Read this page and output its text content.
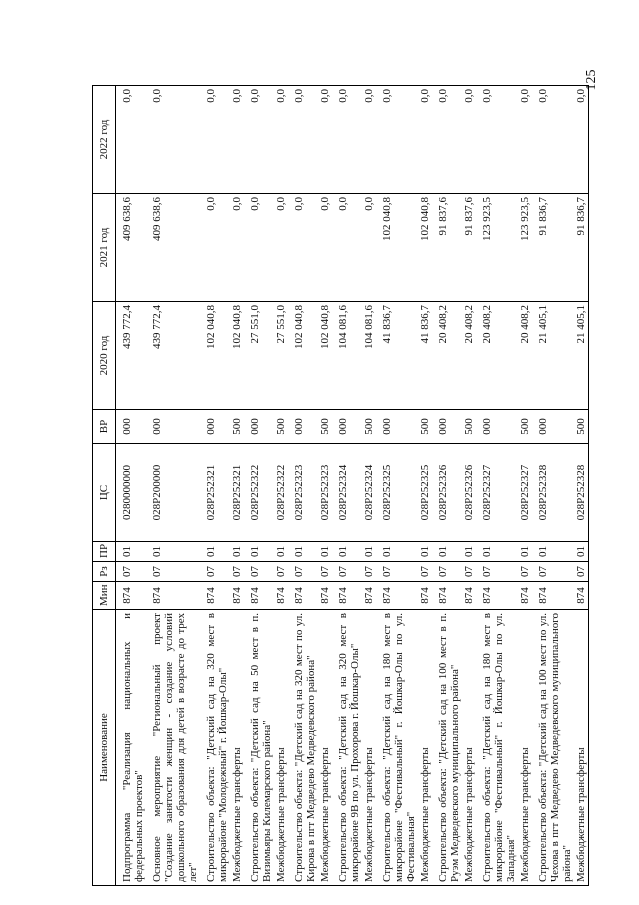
125
Наименование	Мин	Рз	ПР	ЦС	ВР	2020 год	2021 год	2022 год
Подпрограмма "Реализация национальных и федеральных проектов"	874	07	01	0280000000	000	439 772,4	409 638,6	0,0
Основное мероприятие "Региональный проект "Создание занятости женщин - создание условий дошкольного образования для детей в возрасте до трех лет"	874	07	01	028P200000	000	439 772,4	409 638,6	0,0
Строительство объекта: "Детский сад на 320 мест в микрорайоне "Молодежный" г. Йошкар-Олы"	874	07	01	028P252321	000	102 040,8	0,0	0,0
Межбюджетные трансферты	874	07	01	028P252321	500	102 040,8	0,0	0,0
Строительство объекта: "Детский сад на 50 мест в п. Визимьяры Килемарского района"	874	07	01	028P252322	000	27 551,0	0,0	0,0
Межбюджетные трансферты	874	07	01	028P252322	500	27 551,0	0,0	0,0
Строительство объекта: "Детский сад на 320 мест по ул. Кирова в пгт Медведево Медведевского района"	874	07	01	028P252323	000	102 040,8	0,0	0,0
Межбюджетные трансферты	874	07	01	028P252323	500	102 040,8	0,0	0,0
Строительство объекта: "Детский сад на 320 мест в микрорайоне 9В по ул. Прохорова г. Йошкар-Олы"	874	07	01	028P252324	000	104 081,6	0,0	0,0
Межбюджетные трансферты	874	07	01	028P252324	500	104 081,6	0,0	0,0
Строительство объекта: "Детский сад на 180 мест в микрорайоне "Фестивальный" г. Йошкар-Олы по ул. Фестивальная"	874	07	01	028P252325	000	41 836,7	102 040,8	0,0
Межбюджетные трансферты	874	07	01	028P252325	500	41 836,7	102 040,8	0,0
Строительство объекта: "Детский сад на 100 мест в п. Руэм Медведевского муниципального района"	874	07	01	028P252326	000	20 408,2	91 837,6	0,0
Межбюджетные трансферты	874	07	01	028P252326	500	20 408,2	91 837,6	0,0
Строительство объекта: "Детский сад на 180 мест в микрорайоне "Фестивальный" г. Йошкар-Олы по ул. Западная"	874	07	01	028P252327	000	20 408,2	123 923,5	0,0
Межбюджетные трансферты	874	07	01	028P252327	500	20 408,2	123 923,5	0,0
Строительство объекта: "Детский сад на 100 мест по ул. Чехова в пгт Медведево Медведевского муниципального района"	874	07	01	028P252328	000	21 405,1	91 836,7	0,0
Межбюджетные трансферты	874	07	01	028P252328	500	21 405,1	91 836,7	0,0
